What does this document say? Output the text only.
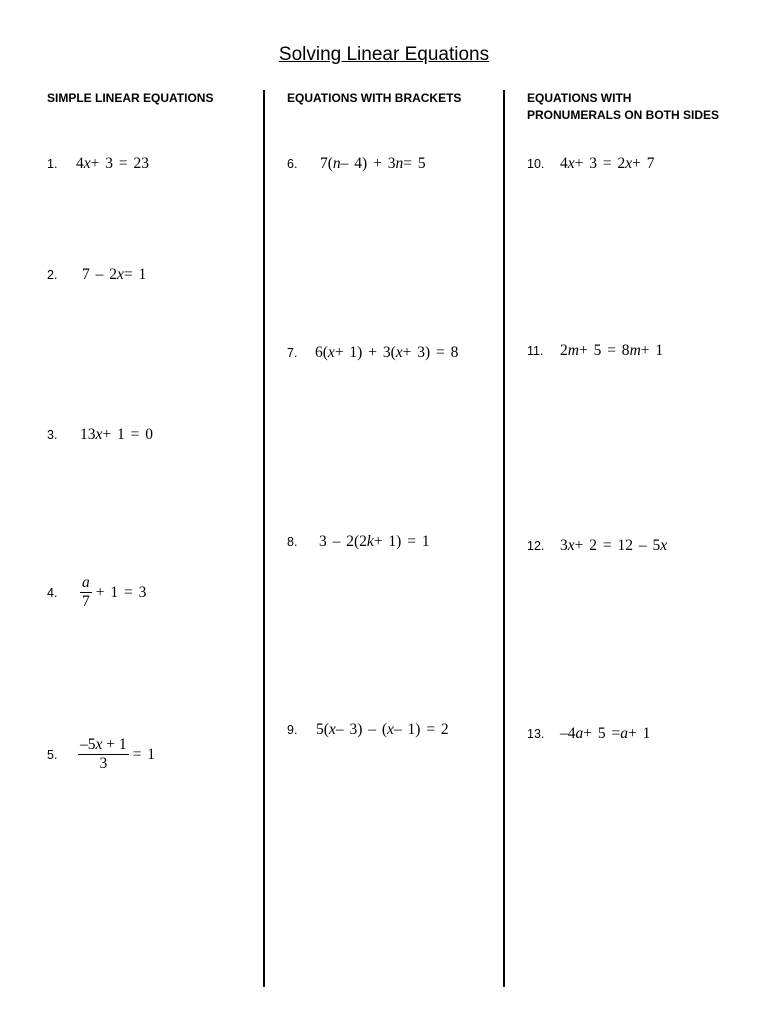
Solving Linear Equations
SIMPLE LINEAR EQUATIONS	EQUATIONS WITH BRACKETS	EQUATIONS WITH
PRONUMERALS ON BOTH SIDES
1.	4 x + 3 = 23
2.	7 – 2 x = 1
3.	13 x + 1 = 0
4.	$\frac{a}{7} + 1 = 3$
5.	$\frac{-5x + 1}{3} = 1$
6.	7( n – 4) + 3 n = 5
7.	6( x + 1) + 3( x + 3) = 8
8.	3 – 2(2 k + 1) = 1
9.	5( x – 3) – ( x – 1) = 2
10.	4 x + 3 = 2 x + 7
11.	2 m + 5 = 8 m + 1
12.	3 x + 2 = 12 – 5 x
13.	–4 a + 5 = a + 1
